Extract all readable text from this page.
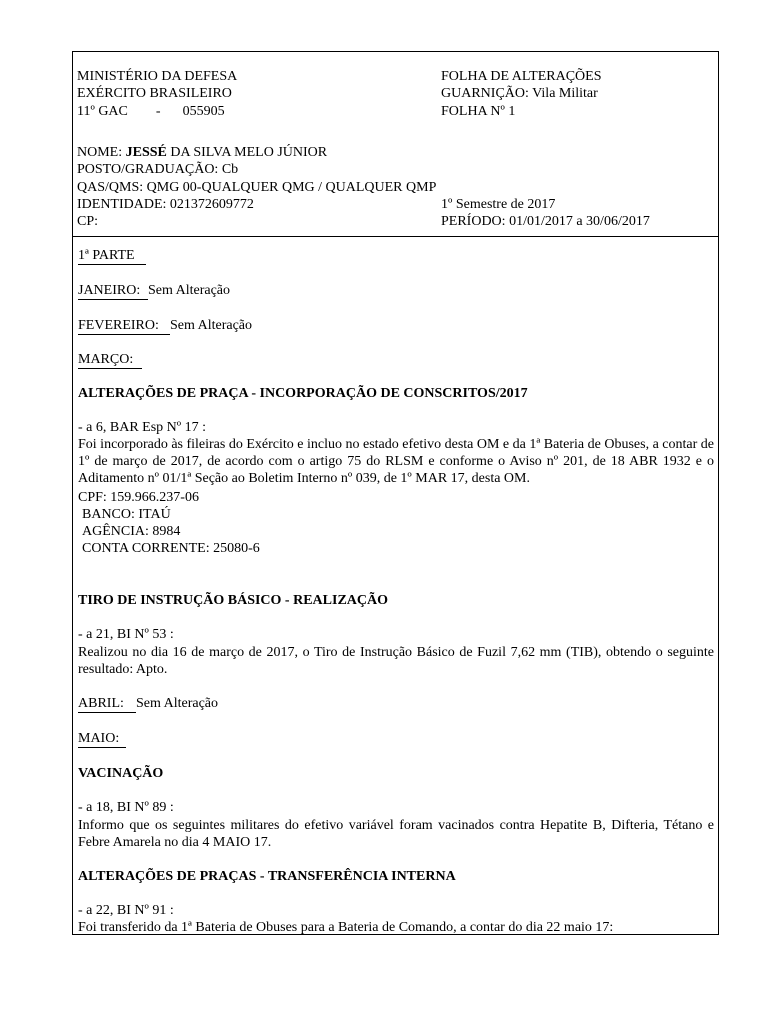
MINISTÉRIO DA DEFESA
EXÉRCITO BRASILEIRO
11º GAC - 055905
FOLHA DE ALTERAÇÕES
GUARNIÇÃO: Vila Militar
FOLHA Nº 1
NOME: JESSÉ DA SILVA MELO JÚNIOR
POSTO/GRADUAÇÃO: Cb
QAS/QMS: QMG 00-QUALQUER QMG / QUALQUER QMP
IDENTIDADE: 021372609772	1º Semestre de 2017
CP:	PERÍODO: 01/01/2017 a 30/06/2017
1ª PARTE
JANEIRO: Sem Alteração
FEVEREIRO: Sem Alteração
MARÇO:
ALTERAÇÕES DE PRAÇA - INCORPORAÇÃO DE CONSCRITOS/2017
- a 6, BAR Esp Nº 17 :
Foi incorporado às fileiras do Exército e incluo no estado efetivo desta OM e da 1ª Bateria de Obuses, a contar de 1º de março de 2017, de acordo com o artigo 75 do RLSM e conforme o Aviso nº 201, de 18 ABR 1932 e o Aditamento nº 01/1ª Seção ao Boletim Interno nº 039, de 1º MAR 17, desta OM.
CPF: 159.966.237-06
BANCO: ITAÚ
AGÊNCIA: 8984
CONTA CORRENTE: 25080-6
TIRO DE INSTRUÇÃO BÁSICO - REALIZAÇÃO
- a 21, BI Nº 53 :
Realizou no dia 16 de março de 2017, o Tiro de Instrução Básico de Fuzil 7,62 mm (TIB), obtendo o seguinte resultado: Apto.
ABRIL: Sem Alteração
MAIO:
VACINAÇÃO
- a 18, BI Nº 89 :
Informo que os seguintes militares do efetivo variável foram vacinados contra Hepatite B, Difteria, Tétano e Febre Amarela no dia 4 MAIO 17.
ALTERAÇÕES DE PRAÇAS - TRANSFERÊNCIA INTERNA
- a 22, BI Nº 91 :
Foi transferido da 1ª Bateria de Obuses para a Bateria de Comando, a contar do dia 22 maio 17:
